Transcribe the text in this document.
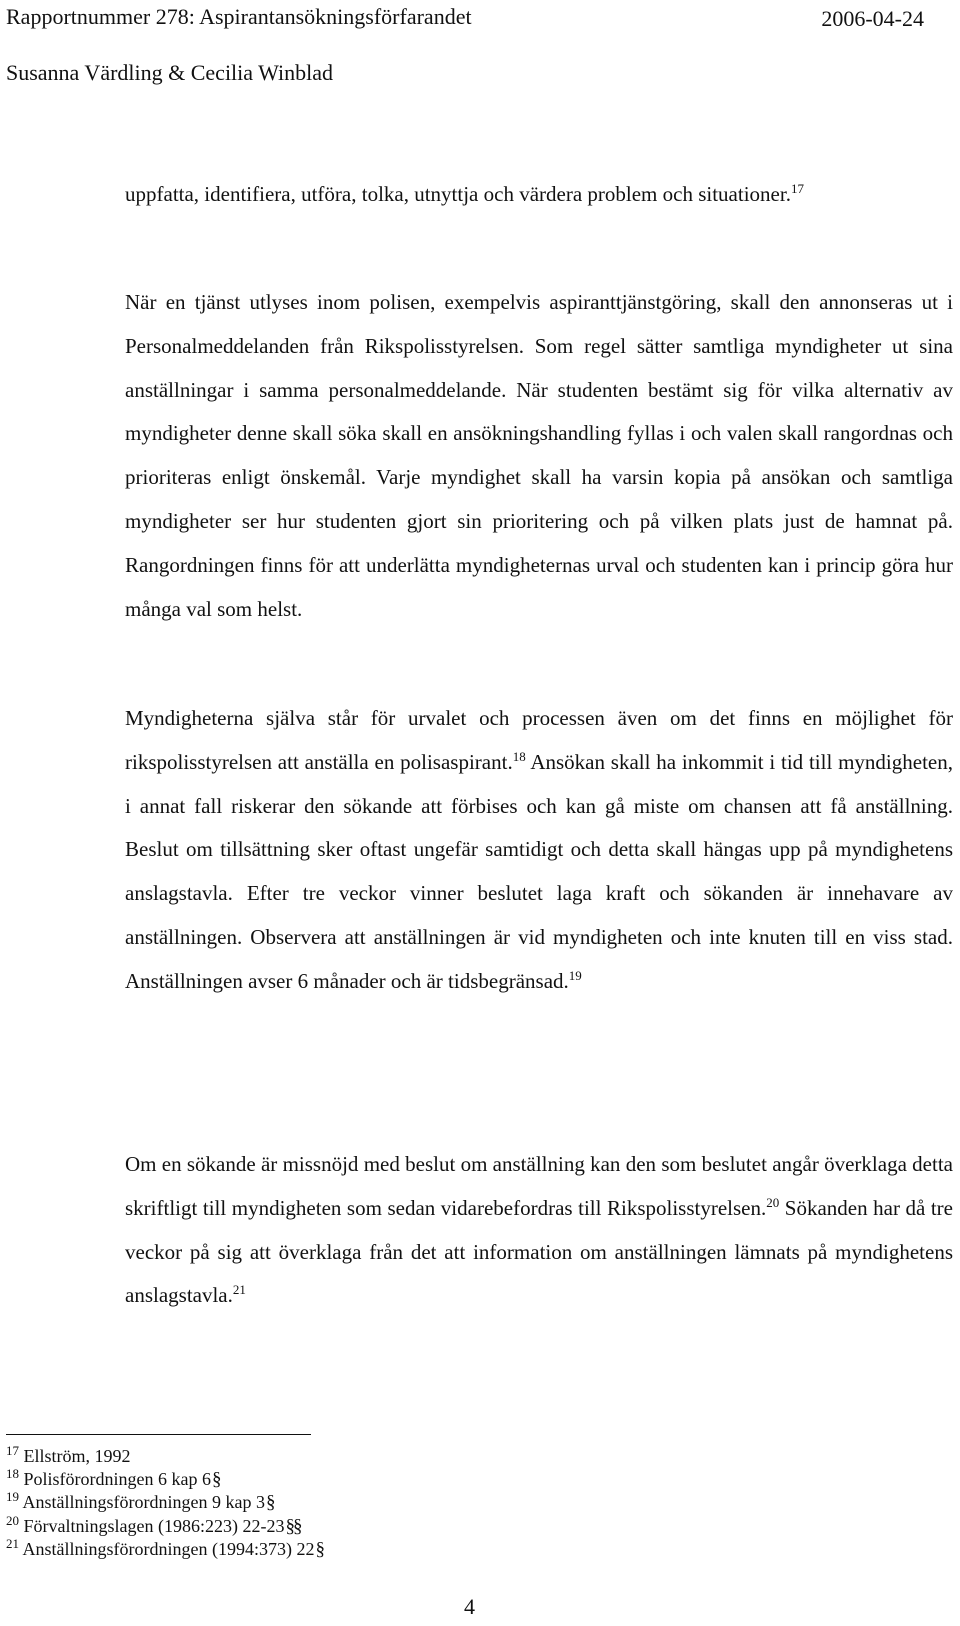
Rapportnummer 278: Aspirantansökningsförfarandet	2006-04-24
Susanna Värdling & Cecilia Winblad

uppfatta, identifiera, utföra, tolka, utnyttja och värdera problem och situationer.$^{17}$

När en tjänst utlyses inom polisen, exempelvis aspiranttjänstgöring, skall den annonseras ut i Personalmeddelanden från Rikspolisstyrelsen. Som regel sätter samtliga myndigheter ut sina anställningar i samma personalmeddelande. När studenten bestämt sig för vilka alternativ av myndigheter denne skall söka skall en ansökningshandling fyllas i och valen skall rangordnas och prioriteras enligt önskemål. Varje myndighet skall ha varsin kopia på ansökan och samtliga myndigheter ser hur studenten gjort sin prioritering och på vilken plats just de hamnat på. Rangordningen finns för att underlätta myndigheternas urval och studenten kan i princip göra hur många val som helst.

Myndigheterna själva står för urvalet och processen även om det finns en möjlighet för rikspolisstyrelsen att anställa en polisaspirant.$^{18}$ Ansökan skall ha inkommit i tid till myndigheten, i annat fall riskerar den sökande att förbises och kan gå miste om chansen att få anställning. Beslut om tillsättning sker oftast ungefär samtidigt och detta skall hängas upp på myndighetens anslagstavla. Efter tre veckor vinner beslutet laga kraft och sökanden är innehavare av anställningen. Observera att anställningen är vid myndigheten och inte knuten till en viss stad. Anställningen avser 6 månader och är tidsbegränsad.$^{19}$

Om en sökande är missnöjd med beslut om anställning kan den som beslutet angår överklaga detta skriftligt till myndigheten som sedan vidarebefordras till Rikspolisstyrelsen.$^{20}$ Sökanden har då tre veckor på sig att överklaga från det att information om anställningen lämnats på myndighetens anslagstavla.$^{21}$

$^{17}$ Ellström, 1992
$^{18}$ Polisförordningen 6 kap 6§
$^{19}$ Anställningsförordningen 9 kap 3§
$^{20}$ Förvaltningslagen (1986:223) 22-23§§
$^{21}$ Anställningsförordningen (1994:373) 22§
4
